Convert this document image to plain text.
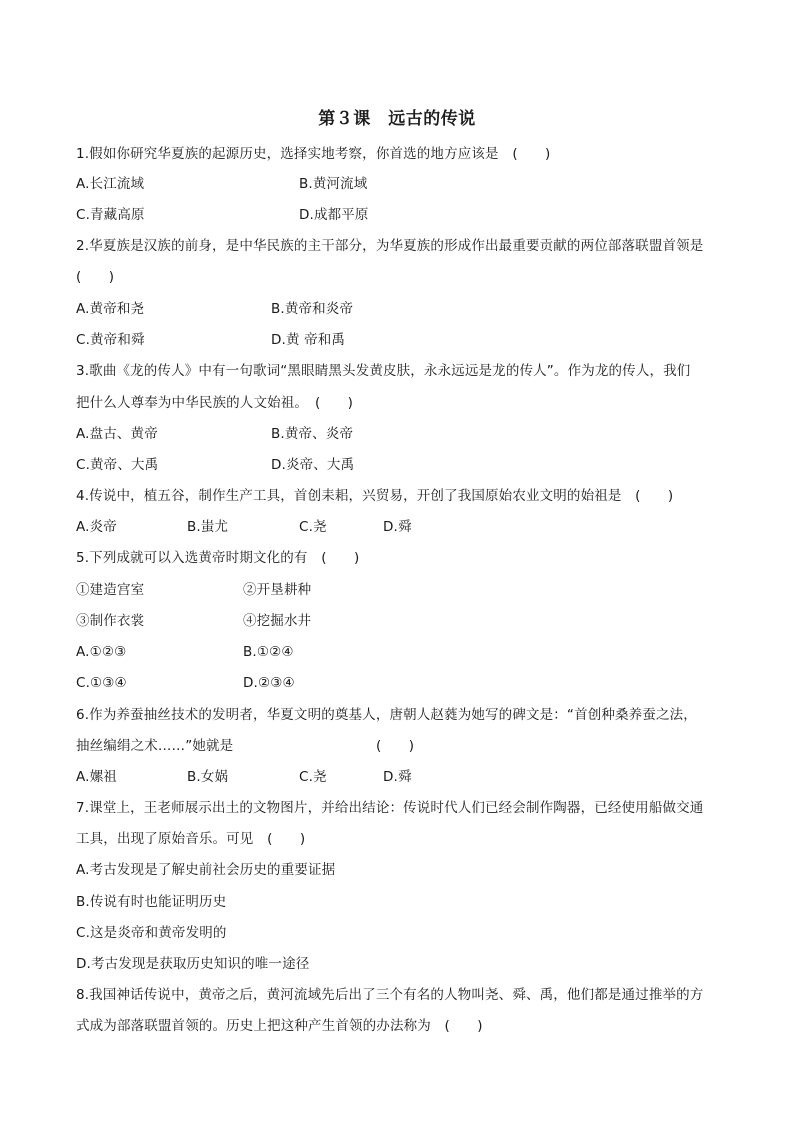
第３课　远古的传说
1.假如你研究华夏族的起源历史，选择实地考察，你首选的地方应该是　(　　)
A.长江流域	B.黄河流域
C.青藏高原	D.成都平原
2.华夏族是汉族的前身，是中华民族的主干部分，为华夏族的形成作出最重要贡献的两位部落联盟首领是
(　　)
A.黄帝和尧	B.黄帝和炎帝
C.黄帝和舜	D.黄 帝和禹
3.歌曲《龙的传人》中有一句歌词“黑眼睛黑头发黄皮肤，永永远远是龙的传人”。作为龙的传人，我们
把什么人尊奉为中华民族的人文始祖。　(　　)
A.盘古、黄帝	B.黄帝、炎帝
C.黄帝、大禹	D.炎帝、大禹
4.传说中，植五谷，制作生产工具，首创耒耜，兴贸易，开创了我国原始农业文明的始祖是　(　　)
A.炎帝	B.蚩尤	C.尧	D.舜
5.下列成就可以入选黄帝时期文化的有　(　　)
①建造宫室	②开垦耕种
③制作衣裳	④挖掘水井
A.①②③	B.①②④
C.①③④	D.②③④
6.作为养蚕抽丝技术的发明者，华夏文明的奠基人，唐朝人赵蕤为她写的碑文是：“首创种桑养蚕之法，
抽丝编绢之术……”她就是	(　　)
A.嫘祖	B.女娲	C.尧	D.舜
7.课堂上，王老师展示出土的文物图片，并给出结论：传说时代人们已经会制作陶器，已经使用船做交通
工具，出现了原始音乐。可见　(　　)
A.考古发现是了解史前社会历史的重要证据
B.传说有时也能证明历史
C.这是炎帝和黄帝发明的
D.考古发现是获取历史知识的唯一途径
8.我国神话传说中，黄帝之后，黄河流域先后出了三个有名的人物叫尧、舜、禹，他们都是通过推举的方
式成为部落联盟首领的。历史上把这种产生首领的办法称为　(　　)
